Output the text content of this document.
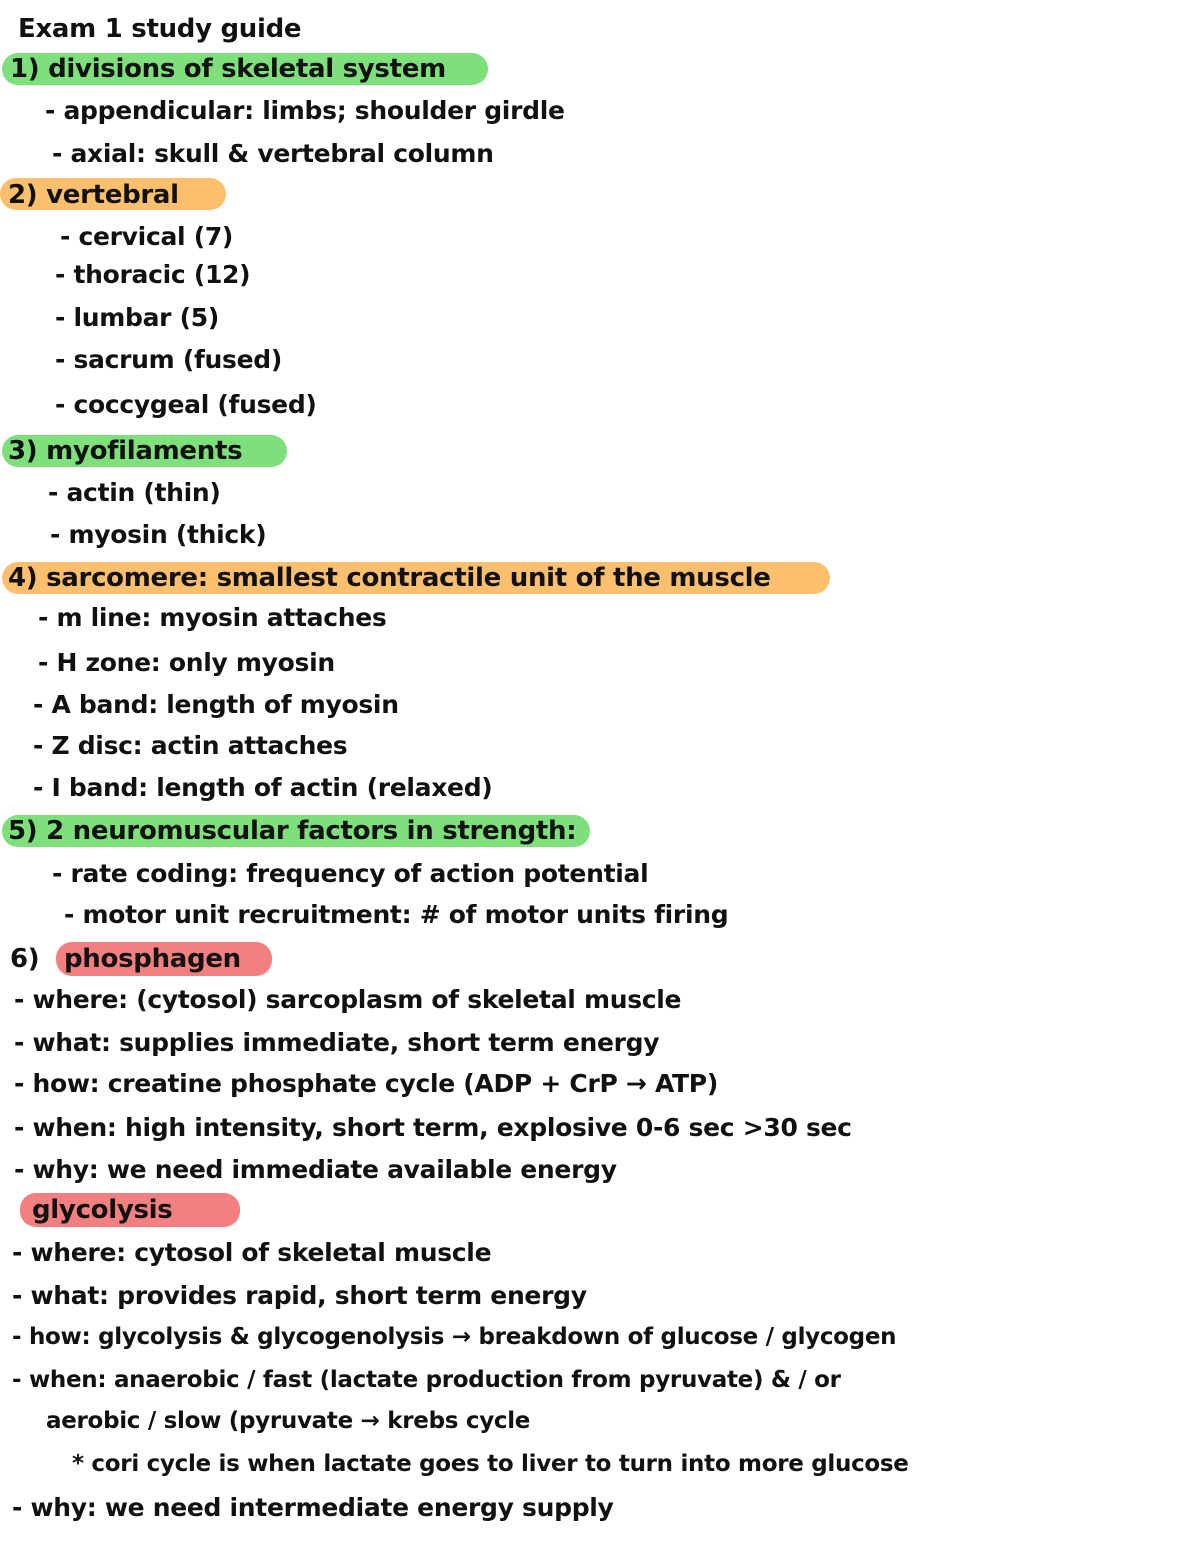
Exam 1 study guide
1) divisions of skeletal system
- appendicular: limbs; shoulder girdle
- axial: skull & vertebral column
2) vertebral
- cervical (7)
- thoracic (12)
- lumbar (5)
- sacrum (fused)
- coccygeal (fused)
3) myofilaments
- actin (thin)
- myosin (thick)
4) sarcomere: smallest contractile unit of the muscle
- m line: myosin attaches
- H zone: only myosin
- A band: length of myosin
- Z disc: actin attaches
- I band: length of actin (relaxed)
5) 2 neuromuscular factors in strength:
- rate coding: frequency of action potential
- motor unit recruitment: # of motor units firing
6) phosphagen
- where: (cytosol) sarcoplasm of skeletal muscle
- what: supplies immediate, short term energy
- how: creatine phosphate cycle (ADP + CrP → ATP)
- when: high intensity, short term, explosive 0-6 sec >30 sec
- why: we need immediate available energy
glycolysis
- where: cytosol of skeletal muscle
- what: provides rapid, short term energy
- how: glycolysis & glycogenolysis → breakdown of glucose / glycogen
- when: anaerobic / fast (lactate production from pyruvate) & / or
aerobic / slow (pyruvate → krebs cycle
* cori cycle is when lactate goes to liver to turn into more glucose
- why: we need intermediate energy supply
